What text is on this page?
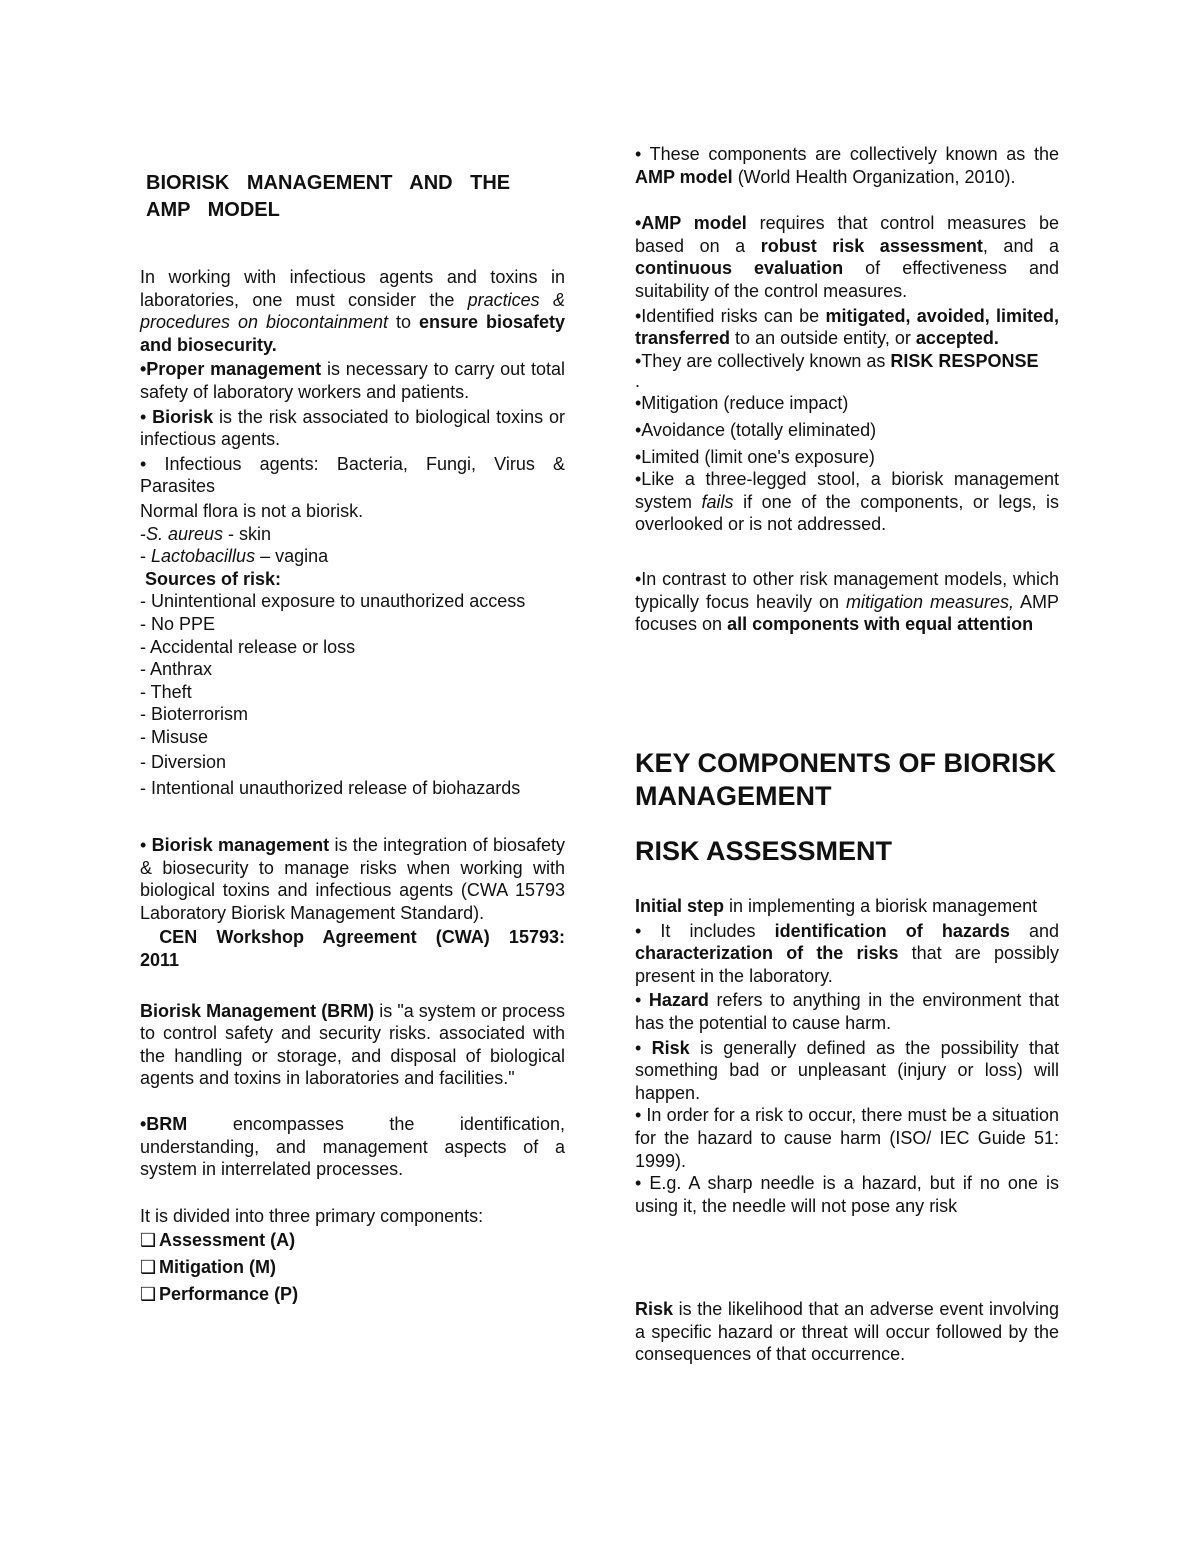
BIORISK MANAGEMENT AND THE AMP MODEL

In working with infectious agents and toxins in laboratories, one must consider the practices & procedures on biocontainment to ensure biosafety and biosecurity.

•Proper management is necessary to carry out total safety of laboratory workers and patients.

• Biorisk is the risk associated to biological toxins or infectious agents.

• Infectious agents: Bacteria, Fungi, Virus & Parasites

Normal flora is not a biorisk.

-S. aureus - skin

- Lactobacillus – vagina

Sources of risk:

- Unintentional exposure to unauthorized access

- No PPE

- Accidental release or loss

- Anthrax

- Theft

- Bioterrorism

- Misuse

- Diversion

- Intentional unauthorized release of biohazards

• Biorisk management is the integration of biosafety & biosecurity to manage risks when working with biological toxins and infectious agents (CWA 15793 Laboratory Biorisk Management Standard).

CEN Workshop Agreement (CWA) 15793: 2011

Biorisk Management (BRM) is "a system or process to control safety and security risks. associated with the handling or storage, and disposal of biological agents and toxins in laboratories and facilities."

•BRM encompasses the identification, understanding, and management aspects of a system in interrelated processes.

It is divided into three primary components:

❑ Assessment (A)

❑ Mitigation (M)

❑ Performance (P)

• These components are collectively known as the AMP model (World Health Organization, 2010).

•AMP model requires that control measures be based on a robust risk assessment, and a continuous evaluation of effectiveness and suitability of the control measures.

•Identified risks can be mitigated, avoided, limited, transferred to an outside entity, or accepted.

•They are collectively known as RISK RESPONSE

.

•Mitigation (reduce impact)

•Avoidance (totally eliminated)

•Limited (limit one's exposure)

•Like a three-legged stool, a biorisk management system fails if one of the components, or legs, is overlooked or is not addressed.

•In contrast to other risk management models, which typically focus heavily on mitigation measures, AMP focuses on all components with equal attention

KEY COMPONENTS OF BIORISK MANAGEMENT

RISK ASSESSMENT

Initial step in implementing a biorisk management

• It includes identification of hazards and characterization of the risks that are possibly present in the laboratory.

• Hazard refers to anything in the environment that has the potential to cause harm.

• Risk is generally defined as the possibility that something bad or unpleasant (injury or loss) will happen.

• In order for a risk to occur, there must be a situation for the hazard to cause harm (ISO/ IEC Guide 51: 1999).

• E.g. A sharp needle is a hazard, but if no one is using it, the needle will not pose any risk

Risk is the likelihood that an adverse event involving a specific hazard or threat will occur followed by the consequences of that occurrence.
